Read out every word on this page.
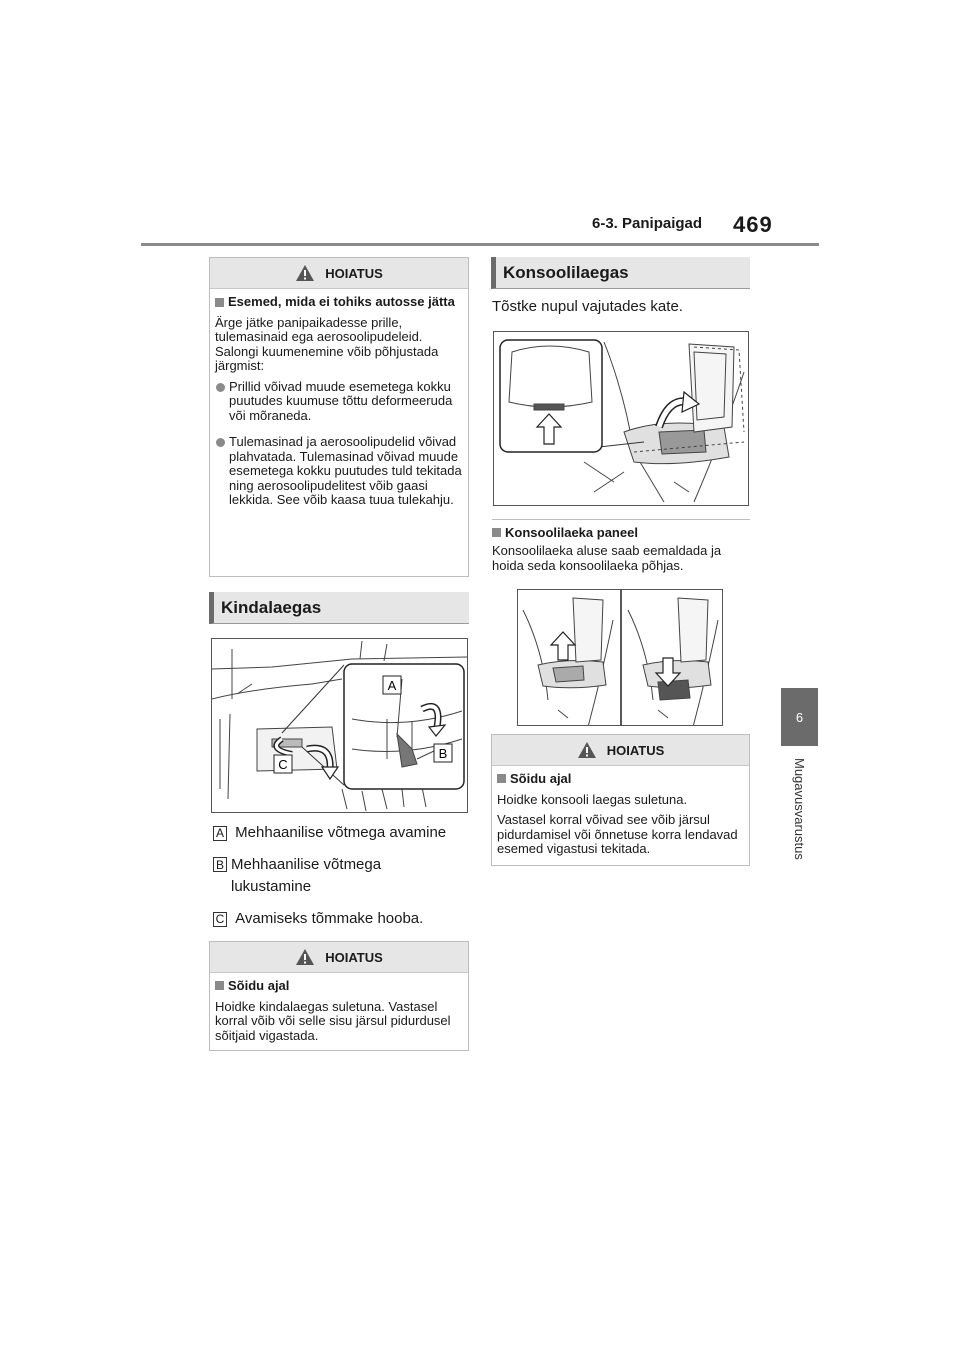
6-3. Panipaigad 469
6
Mugavusvarustus
HOIATUS
Esemed, mida ei tohiks autosse jätta
Ärge jätke panipaikadesse prille, tulemasinaid ega aerosoolipudeleid. Salongi kuumenemine võib põhjustada järgmist:
Prillid võivad muude esemetega kokku puutudes kuumuse tõttu deformeeruda või mõraneda.
Tulemasinad ja aerosoolipudelid võivad plahvatada. Tulemasinad võivad muude esemetega kokku puutudes tuld tekitada ning aerosoolipudelitest võib gaasi lekkida. See võib kaasa tuua tulekahju.
Kindalaegas
A
B
C
A Mehhaanilise võtmega avamine
B Mehhaanilise võtmega lukustamine
C Avamiseks tõmmake hooba.
HOIATUS
Sõidu ajal
Hoidke kindalaegas suletuna. Vastasel korral võib või selle sisu järsul pidurdusel sõitjaid vigastada.
Konsoolilaegas
Tõstke nupul vajutades kate.
Konsoolilaeka paneel
Konsoolilaeka aluse saab eemaldada ja hoida seda konsoolilaeka põhjas.
HOIATUS
Sõidu ajal
Hoidke konsooli laegas suletuna.
Vastasel korral võivad see võib järsul pidurdamisel või õnnetuse korra lendavad esemed vigastusi tekitada.
